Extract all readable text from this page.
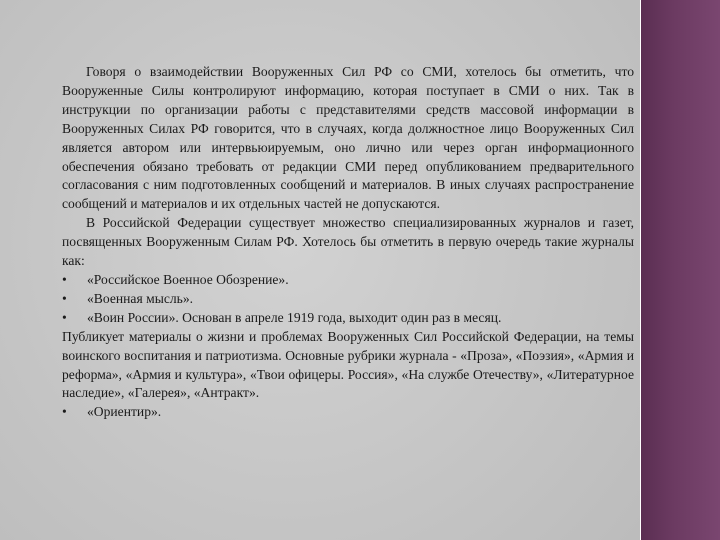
Говоря о взаимодействии Вооруженных Сил РФ со СМИ, хотелось бы отметить, что Вооруженные Силы контролируют информацию, которая поступает в СМИ о них. Так в инструкции по организации работы с представителями средств массовой информации в Вооруженных Силах РФ говорится, что в случаях, когда должностное лицо Вооруженных Сил является автором или интервьюируемым, оно лично или через орган информационного обеспечения обязано требовать от редакции СМИ перед опубликованием предварительного согласования с ним подготовленных сообщений и материалов. В иных случаях распространение сообщений и материалов и их отдельных частей не допускаются.

В Российской Федерации существует множество специализированных журналов и газет, посвященных Вооруженным Силам РФ. Хотелось бы отметить в первую очередь такие журналы как:

•	«Российское Военное Обозрение».
•	«Военная мысль».
•	«Воин России». Основан в апреле 1919 года, выходит один раз в месяц.

Публикует материалы о жизни и проблемах Вооруженных Сил Российской Федерации, на темы воинского воспитания и патриотизма. Основные рубрики журнала - «Проза», «Поэзия», «Армия и реформа», «Армия и культура», «Твои офицеры. Россия», «На службе Отечеству», «Литературное наследие», «Галерея», «Антракт».

•	«Ориентир».
